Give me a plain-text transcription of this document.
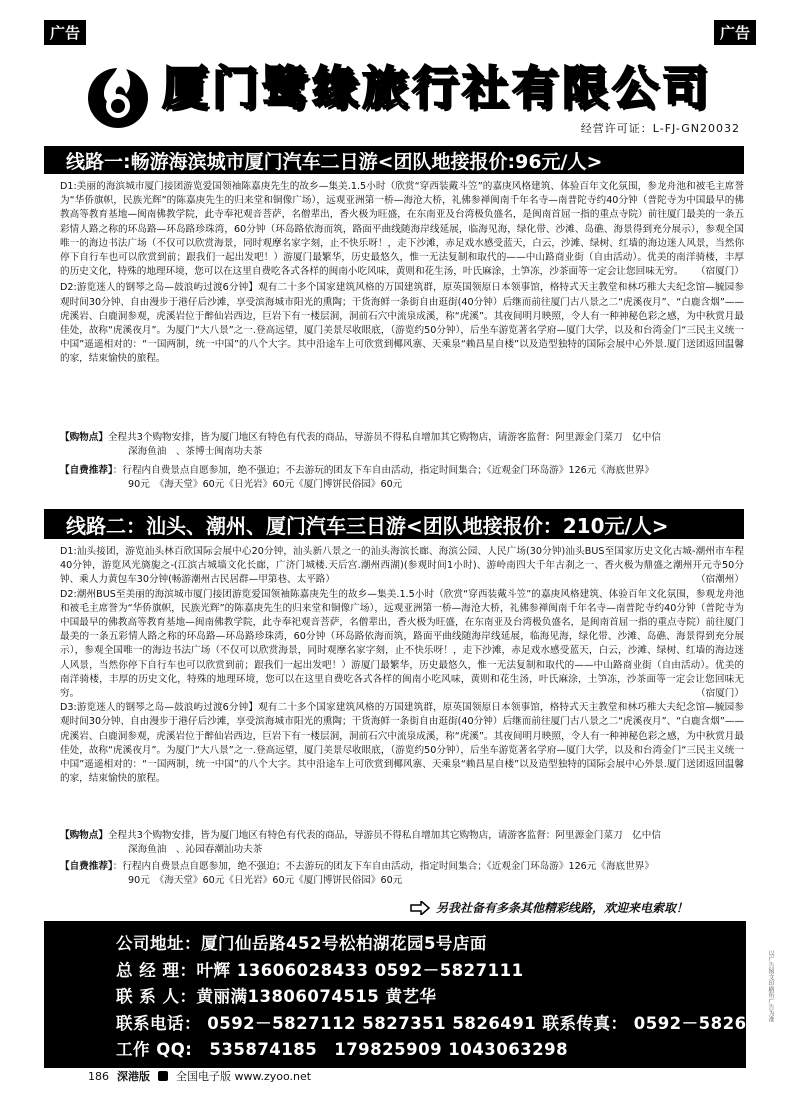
广告	广告
厦门鹭缘旅行社有限公司
经营许可证：L-FJ-GN20032
线路一:畅游海滨城市厦门汽车二日游<团队地接报价:96元/人>
D1:美丽的海滨城市厦门接团游览爱国领袖陈嘉庚先生的故乡—集美.1.5小时（欣赏“穿西装戴斗笠”的嘉庚风格建筑、体验百年文化氛围，参龙舟池和被毛主席誉为“华侨旗帜，民族光辉”的陈嘉庚先生的归来堂和铜像广场），远观亚洲第一桥—海沧大桥，礼佛参禅闽南千年名寺—南普陀寺约40分钟（普陀寺为中国最早的佛教高等教育基地—闽南佛教学院，此寺奉祀观音菩萨，名僧辈出，香火极为旺盛，在东南亚及台湾极负盛名，是闽南首屈一指的重点寺院）前往厦门最美的一条五彩情人路之称的环岛路—环岛路珍珠湾，60分钟（环岛路依海而筑，路面平曲线随海岸线延展，临海见海，绿化带、沙滩、岛礁、海景得到充分展示），参观全国唯一的海边书法广场（不仅可以欣赏海景，同时观摩名家字刻，止不快乐呀！，走下沙滩，赤足戏水感受蓝天，白云，沙滩、绿树、红墙的海边迷人风景，当然你停下自行车也可以欣赏到前；跟我们一起出发吧！）游厦门最繁华，历史最悠久，惟一无法复制和取代的——中山路商业街（自由活动）。优美的南洋骑楼，丰厚的历史文化，特殊的地理环境，您可以在这里自费吃各式各样的闽南小吃风味，黄则和花生汤，叶氏麻涂，土笋冻，沙茶面等一定会让您回味无穷。 （宿厦门）
D2:游览迷人的钢琴之岛—鼓浪屿过渡6分钟】观有二十多个国家建筑风格的万国建筑群，原英国领原日本领事馆，格特式天主教堂和林巧稚大夫纪念馆—毓园参观时间30分钟、自由漫步于港仔后沙滩，享受滨海城市阳光的熏陶；干货海鲜一条街自由逛街(40分钟）后继而前往厦门古八景之二“虎溪夜月”、“白鹿含烟”——虎溪岩、白鹿洞参观，虎溪岩位于醉仙岩西边，巨岩下有一楼层洞，洞前石穴中流泉成溪，称“虎溪”。其夜间明月映照，令人有一种神秘色彩之感，为中秋赏月最佳处，故称“虎溪夜月”。为厦门“大八景”之一.登高远望，厦门美景尽收眼底，（游览约50分钟），后坐车游览著名学府—厦门大学，以及和台湾金门“三民主义统一中国”遥遥相对的：“一国两制，统一中国”的八个大字。其中沿途车上可欣赏到椰风寨、天乘泉“赖昌星自楼”以及造型独特的国际会展中心外景.厦门送团返回温馨的家，结束愉快的旅程。
【购物点】全程共3个购物安排，皆为厦门地区有特色有代表的商品，导游员不得私自增加其它购物店，请游客监督：阿里源金门菜刀　亿中信
深海鱼油　、茶博士闽南功夫茶
【自费推荐】：行程内自费景点自愿参加，绝不强迫；不去游玩的团友下车自由活动，指定时间集合；《近观金门环岛游》126元《海底世界》
90元　《海天堂》60元《日光岩》60元《厦门博饼民俗园》60元
线路二：汕头、潮州、厦门汽车三日游<团队地接报价：210元/人>
D1:汕头接团，游览汕头林百欣国际会展中心20分钟，汕头新八景之一的汕头海滨长廊、海滨公园、人民广场(30分钟)汕头BUS至国家历史文化古城-潮州市车程40分钟，游览风光旖旎之-(江滨古城墙文化长廊，广济门城楼.天后宫.潮州西湖)(参观时间1小时)、游岭南四大千年古刹之一、香火极为鼎盛之潮州开元寺50分钟、乘人力黄包车30分钟(畅游潮州古民居群—甲第巷、太平路）	（宿潮州）
D2:潮州BUS至美丽的海滨城市厦门接团游览爱国领袖陈嘉庚先生的故乡—集美.1.5小时（欣赏“穿西装戴斗笠”的嘉庚风格建筑、体验百年文化氛围，参观龙舟池和被毛主席誉为“华侨旗帜，民族光辉”的陈嘉庚先生的归来堂和铜像广场），远观亚洲第一桥—海沧大桥，礼佛参禅闽南千年名寺—南普陀寺约40分钟（普陀寺为中国最早的佛教高等教育基地—闽南佛教学院，此寺奉祀观音菩萨，名僧辈出，香火极为旺盛，在东南亚及台湾极负盛名，是闽南首屈一指的重点寺院）前往厦门最美的一条五彩情人路之称的环岛路—环岛路珍珠湾，60分钟（环岛路依海而筑，路面平曲线随海岸线延展，临海见海，绿化带、沙滩、岛礁、海景得到充分展示），参观全国唯一的海边书法广场（不仅可以欣赏海景，同时观摩名家字刻，止不快乐呀！，走下沙滩，赤足戏水感受蓝天，白云，沙滩、绿树、红墙的海边迷人风景，当然你停下自行车也可以欣赏到前；跟我们一起出发吧！）游厦门最繁华，历史最悠久，惟一无法复制和取代的——中山路商业街（自由活动）。优美的南洋骑楼，丰厚的历史文化，特殊的地理环境，您可以在这里自费吃各式各样的闽南小吃风味，黄则和花生汤，叶氏麻涂，土笋冻，沙茶面等一定会让您回味无穷。	（宿厦门）
D3:游览迷人的钢琴之岛—鼓浪屿过渡6分钟】观有二十多个国家建筑风格的万国建筑群，原英国领原日本领事馆，格特式天主教堂和林巧稚大夫纪念馆—毓园参观时间30分钟、自由漫步于港仔后沙滩，享受滨海城市阳光的熏陶；干货海鲜一条街自由逛街(40分钟）后继而前往厦门古八景之二“虎溪夜月”、“白鹿含烟”——虎溪岩、白鹿洞参观，虎溪岩位于醉仙岩西边，巨岩下有一楼层洞，洞前石穴中流泉成溪，称“虎溪”。其夜间明月映照，令人有一种神秘色彩之感，为中秋赏月最佳处，故称“虎溪夜月”。为厦门“大八景”之一.登高远望，厦门美景尽收眼底，（游览约50分钟），后坐车游览著名学府—厦门大学，以及和台湾金门“三民主义统一中国”遥遥相对的：“一国两制，统一中国”的八个大字。其中沿途车上可欣赏到椰风寨、天乘泉“赖昌星自楼”以及造型独特的国际会展中心外景.厦门送团返回温馨的家，结束愉快的旅程。
【购物点】全程共3个购物安排，皆为厦门地区有特色有代表的商品，导游员不得私自增加其它购物店，请游客监督：阿里源金门菜刀　亿中信
深海鱼油　、沁园春潮汕功夫茶
【自费推荐】：行程内自费景点自愿参加，绝不强迫；不去游玩的团友下车自由活动，指定时间集合；《近观金门环岛游》126元《海底世界》
90元　《海天堂》60元《日光岩》60元《厦门博饼民俗园》60元
另我社备有多条其他精彩线路，欢迎来电索取！
公司地址：厦门仙岳路452号松柏湖花园5号店面
总 经 理：叶辉 13606028433 0592－5827111
联 系 人：黄丽满13806074515 黄艺华
联系电话： 0592－5827112 5827351 5826491 联系传真： 0592－5826497
工作 QQ:　535874185　179825909 1043063298
以广告图文印刷所广告为准
186 深港版 全国电子版 www.zyoo.net
